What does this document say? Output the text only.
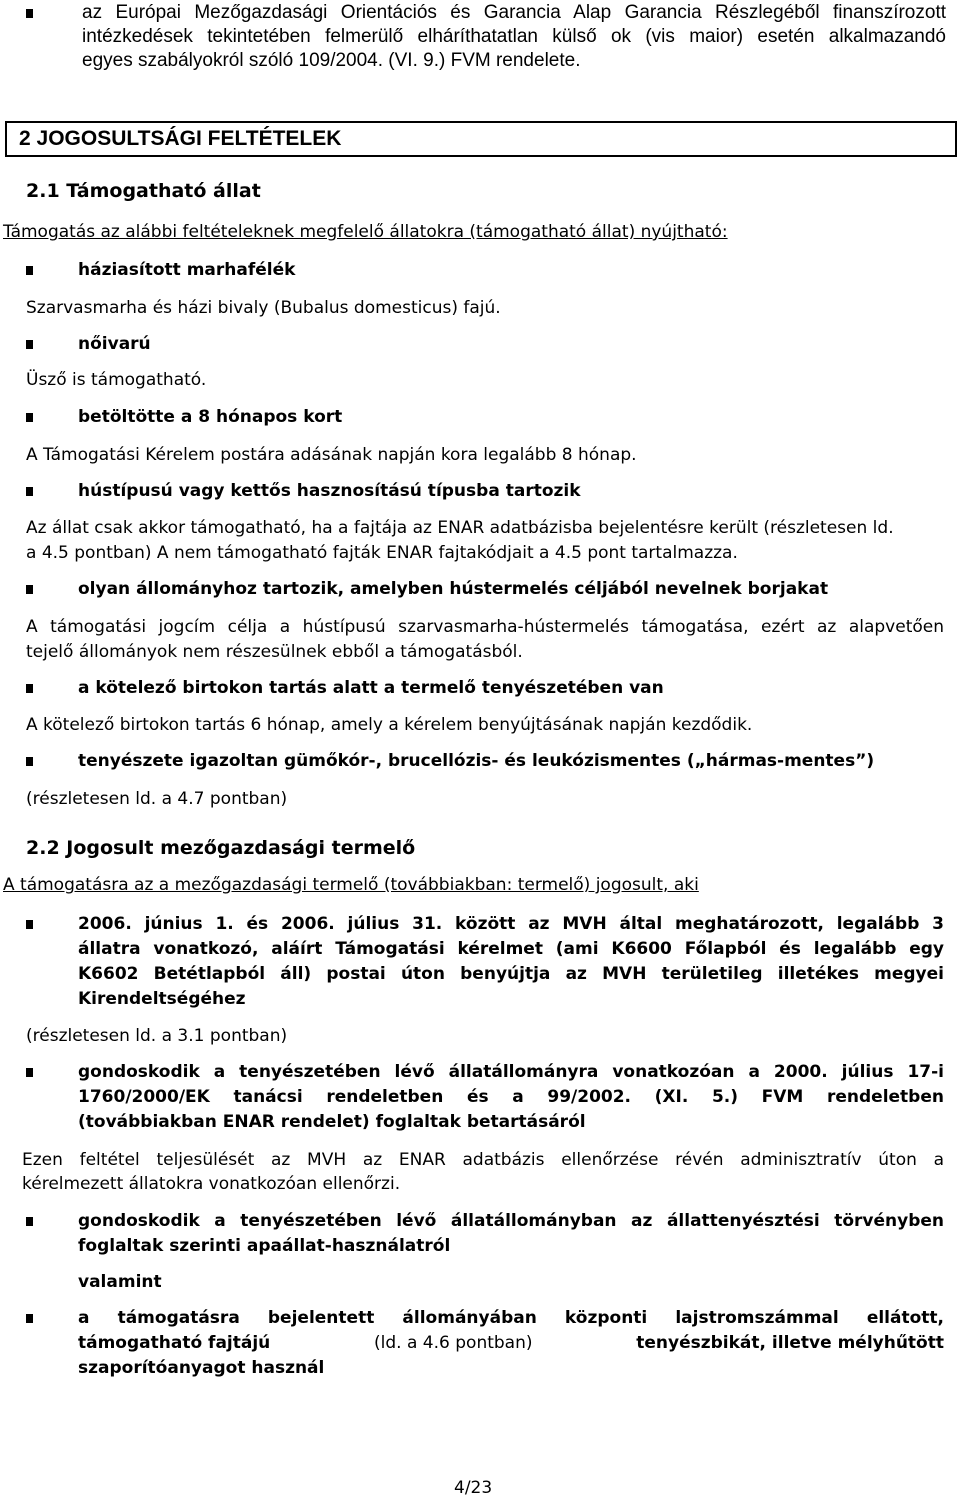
az Európai Mezőgazdasági Orientációs és Garancia Alap Garancia Részlegéből finanszírozott
intézkedések tekintetében felmerülő elháríthatatlan külső ok (vis maior) esetén alkalmazandó
egyes szabályokról szóló 109/2004. (VI. 9.) FVM rendelete.
2 JOGOSULTSÁGI FELTÉTELEK
2.1 Támogatható állat
Támogatás az alábbi feltételeknek megfelelő állatokra (támogatható állat) nyújtható:
háziasított marhafélék
Szarvasmarha és házi bivaly (Bubalus domesticus) fajú.
nőivarú
Üsző is támogatható.
betöltötte a 8 hónapos kort
A Támogatási Kérelem postára adásának napján kora legalább 8 hónap.
hústípusú vagy kettős hasznosítású típusba tartozik
Az állat csak akkor támogatható, ha a fajtája az ENAR adatbázisba bejelentésre került (részletesen ld.
a 4.5 pontban) A nem támogatható fajták ENAR fajtakódjait a 4.5 pont tartalmazza.
olyan állományhoz tartozik, amelyben hústermelés céljából nevelnek borjakat
A támogatási jogcím célja a hústípusú szarvasmarha-hústermelés támogatása, ezért az alapvetően
tejelő állományok nem részesülnek ebből a támogatásból.
a kötelező birtokon tartás alatt a termelő tenyészetében van
A kötelező birtokon tartás 6 hónap, amely a kérelem benyújtásának napján kezdődik.
tenyészete igazoltan gümőkór-, brucellózis- és leukózismentes („hármas-mentes”)
(részletesen ld. a 4.7 pontban)
2.2 Jogosult mezőgazdasági termelő
A támogatásra az a mezőgazdasági termelő (továbbiakban: termelő) jogosult, aki
2006. június 1. és 2006. július 31. között az MVH által meghatározott, legalább 3
állatra vonatkozó, aláírt Támogatási kérelmet (ami K6600 Főlapból és legalább egy
K6602 Betétlapból áll) postai úton benyújtja az MVH területileg illetékes megyei
Kirendeltségéhez
(részletesen ld. a 3.1 pontban)
gondoskodik a tenyészetében lévő állatállományra vonatkozóan a 2000. július 17-i
1760/2000/EK tanácsi rendeletben és a 99/2002. (XI. 5.) FVM rendeletben
(továbbiakban ENAR rendelet) foglaltak betartásáról
Ezen feltétel teljesülését az MVH az ENAR adatbázis ellenőrzése révén adminisztratív úton a
kérelmezett állatokra vonatkozóan ellenőrzi.
gondoskodik a tenyészetében lévő állatállományban az állattenyésztési törvényben
foglaltak szerinti apaállat-használatról
valamint
a támogatásra bejelentett állományában központi lajstromszámmal ellátott,
támogatható fajtájú	(ld. a 4.6 pontban)	tenyészbikát, illetve mélyhűtött
szaporítóanyagot használ
4/23
